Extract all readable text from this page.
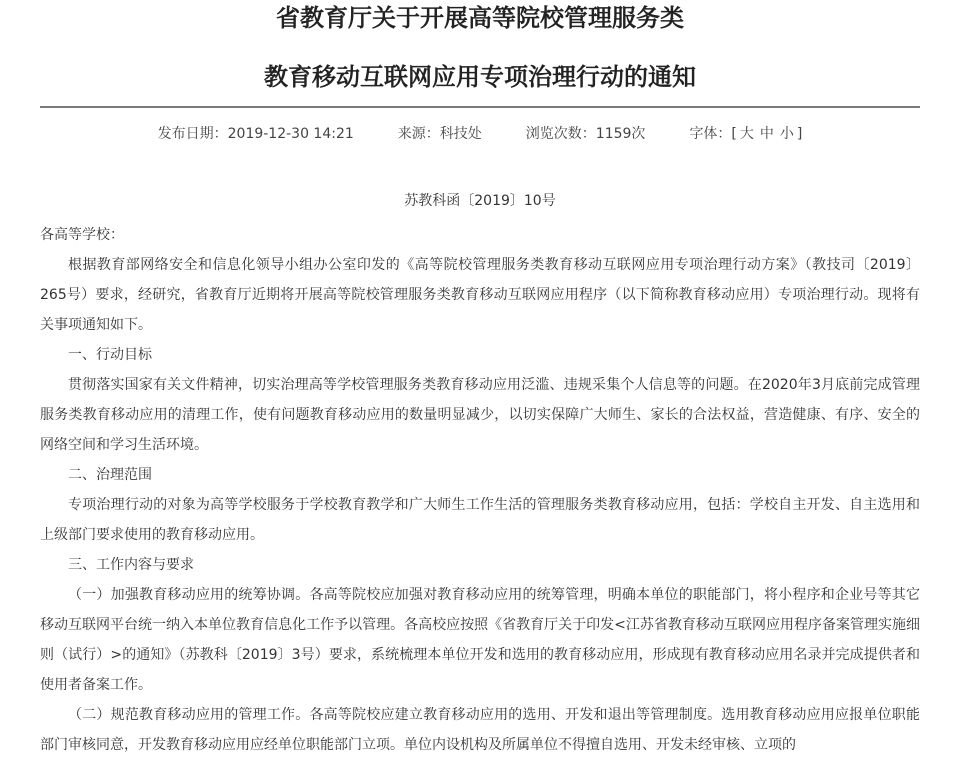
省教育厅关于开展高等院校管理服务类
教育移动互联网应用专项治理行动的通知
发布日期：2019-12-30 14:21	来源：科技处	浏览次数：1159次	字体：[ 大 中 小 ]
苏教科函〔2019〕10号

各高等学校：

根据教育部网络安全和信息化领导小组办公室印发的《高等院校管理服务类教育移动互联网应用专项治理行动方案》（教技司〔2019〕265号）要求，经研究，省教育厅近期将开展高等院校管理服务类教育移动互联网应用程序（以下简称教育移动应用）专项治理行动。现将有关事项通知如下。

一、行动目标

贯彻落实国家有关文件精神，切实治理高等学校管理服务类教育移动应用泛滥、违规采集个人信息等的问题。在2020年3月底前完成管理服务类教育移动应用的清理工作，使有问题教育移动应用的数量明显减少，以切实保障广大师生、家长的合法权益，营造健康、有序、安全的网络空间和学习生活环境。

二、治理范围

专项治理行动的对象为高等学校服务于学校教育教学和广大师生工作生活的管理服务类教育移动应用，包括：学校自主开发、自主选用和上级部门要求使用的教育移动应用。

三、工作内容与要求

（一）加强教育移动应用的统筹协调。各高等院校应加强对教育移动应用的统筹管理，明确本单位的职能部门，将小程序和企业号等其它移动互联网平台统一纳入本单位教育信息化工作予以管理。各高校应按照《省教育厅关于印发<江苏省教育移动互联网应用程序备案管理实施细则（试行）>的通知》（苏教科〔2019〕3号）要求，系统梳理本单位开发和选用的教育移动应用，形成现有教育移动应用名录并完成提供者和使用者备案工作。

（二）规范教育移动应用的管理工作。各高等院校应建立教育移动应用的选用、开发和退出等管理制度。选用教育移动应用应报单位职能部门审核同意，开发教育移动应用应经单位职能部门立项。单位内设机构及所属单位不得擅自选用、开发未经审核、立项的
